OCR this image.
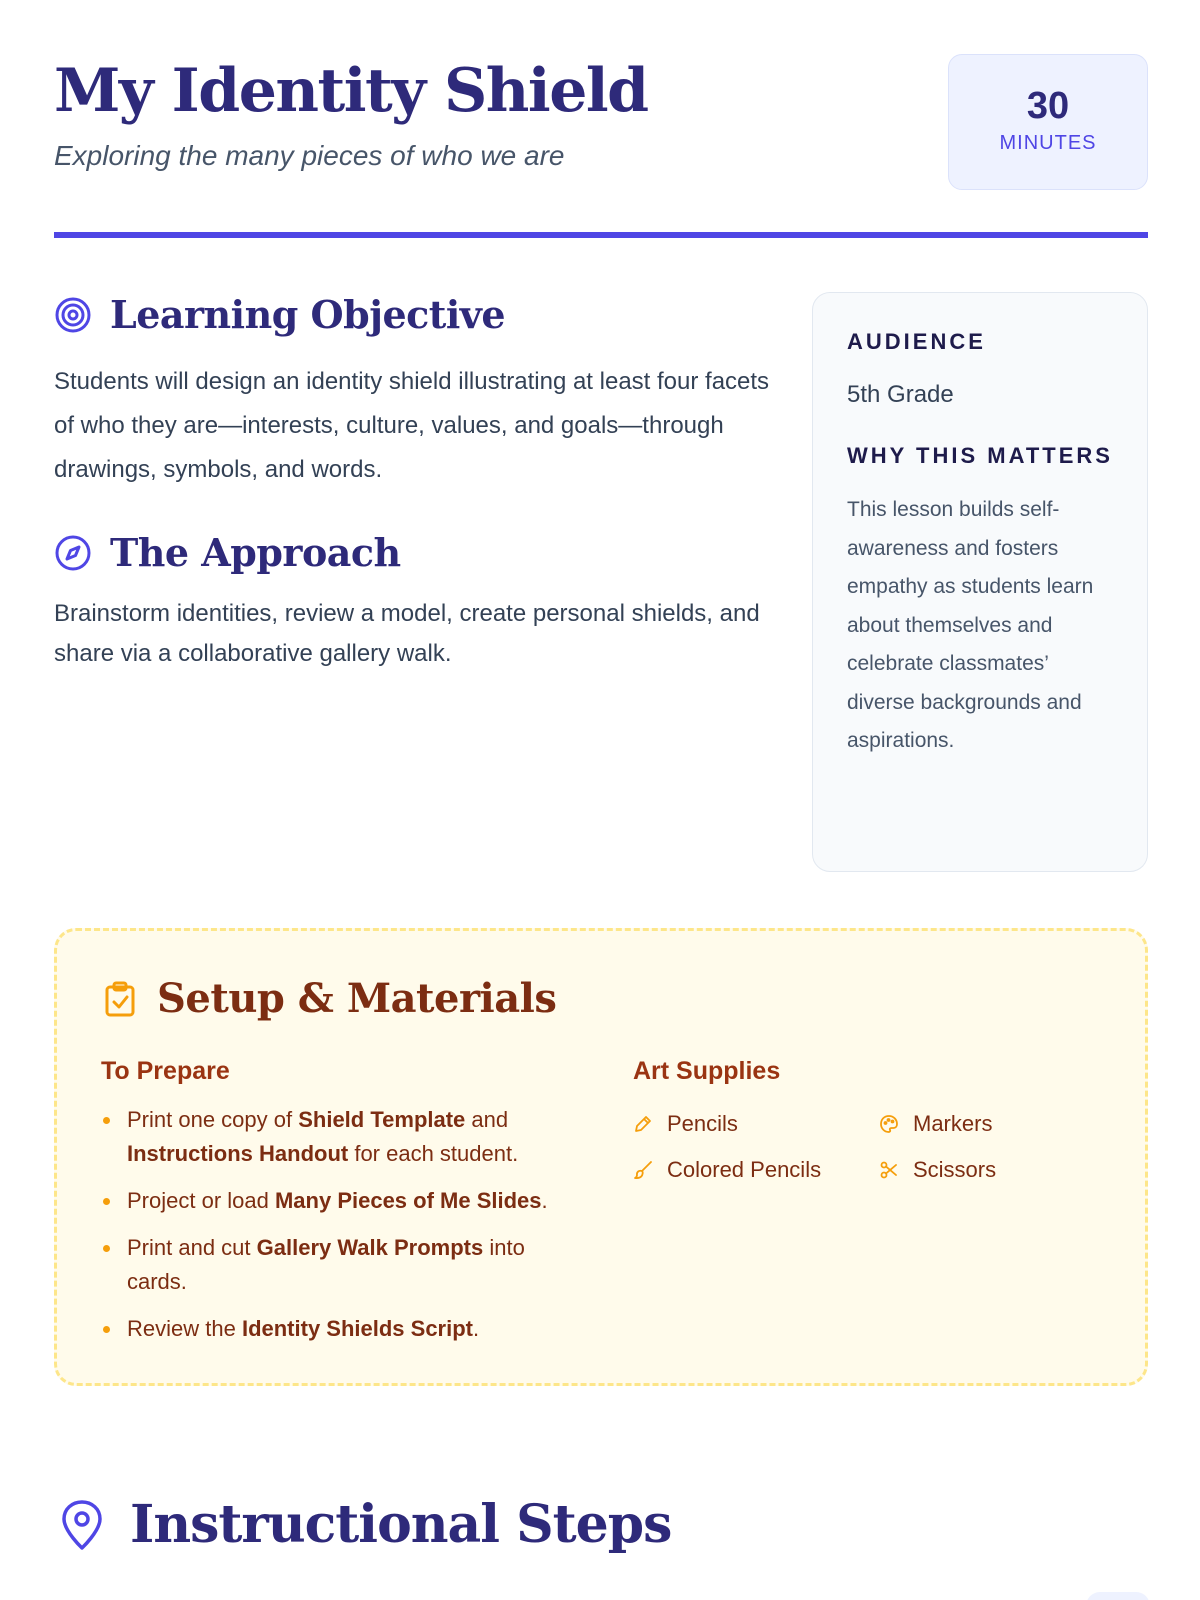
My Identity Shield

Exploring the many pieces of who we are

30
MINUTES
Learning Objective

Students will design an identity shield illustrating at least four facets of who they are—interests, culture, values, and goals—through drawings, symbols, and words.

The Approach

Brainstorm identities, review a model, create personal shields, and share via a collaborative gallery walk.

AUDIENCE
5th Grade
WHY THIS MATTERS

This lesson builds self-awareness and fosters empathy as students learn about themselves and celebrate classmates’ diverse backgrounds and aspirations.

Setup & Materials
To Prepare
Print one copy of Shield Template and Instructions Handout for each student.
Project or load Many Pieces of Me Slides.
Print and cut Gallery Walk Prompts into cards.
Review the Identity Shields Script.
Art Supplies
Pencils	Markers
Colored Pencils	Scissors
Instructional Steps
